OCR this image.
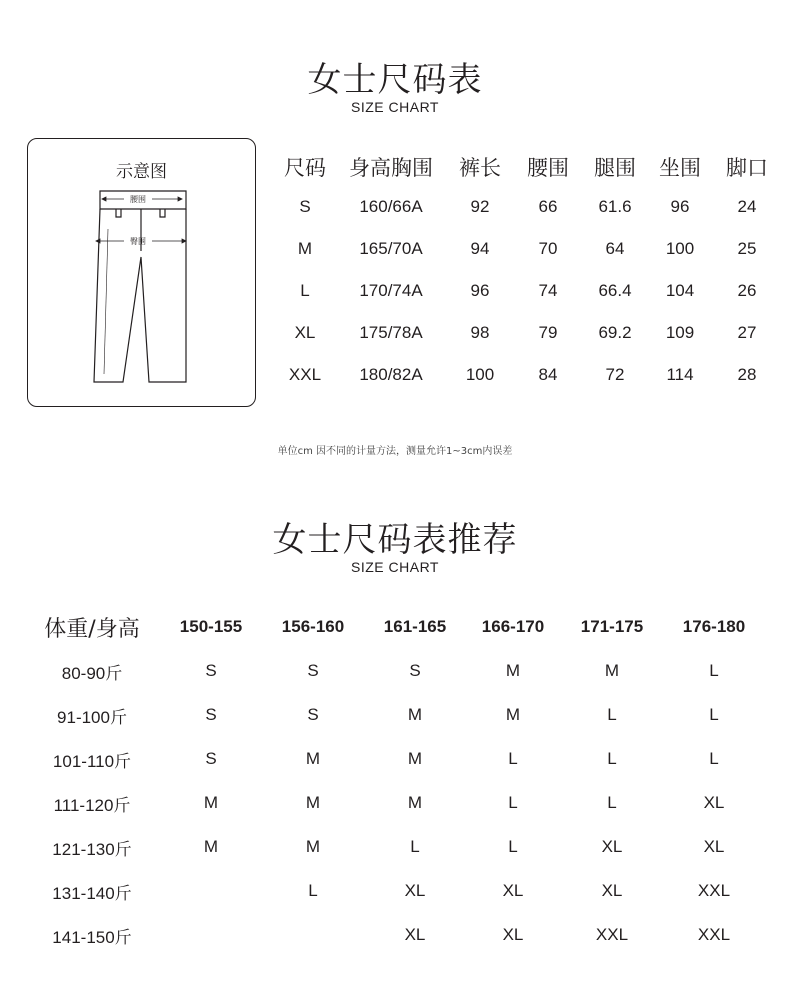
女士尺码表
SIZE CHART
示意图
腰围
臀围
尺码	身高胸围	裤长	腰围	腿围	坐围	脚口
S	160/66A	92	66	61.6	96	24
M	165/70A	94	70	64	100	25
L	170/74A	96	74	66.4	104	26
XL	175/78A	98	79	69.2	109	27
XXL	180/82A	100	84	72	114	28
单位cm 因不同的计量方法，测量允许1~3cm内误差
女士尺码表推荐
SIZE CHART
体重/身高	150-155	156-160	161-165	166-170	171-175	176-180
80-90斤	S	S	S	M	M	L
91-100斤	S	S	M	M	L	L
101-110斤	S	M	M	L	L	L
111-120斤	M	M	M	L	L	XL
121-130斤	M	M	L	L	XL	XL
131-140斤		L	XL	XL	XL	XXL
141-150斤			XL	XL	XXL	XXL
